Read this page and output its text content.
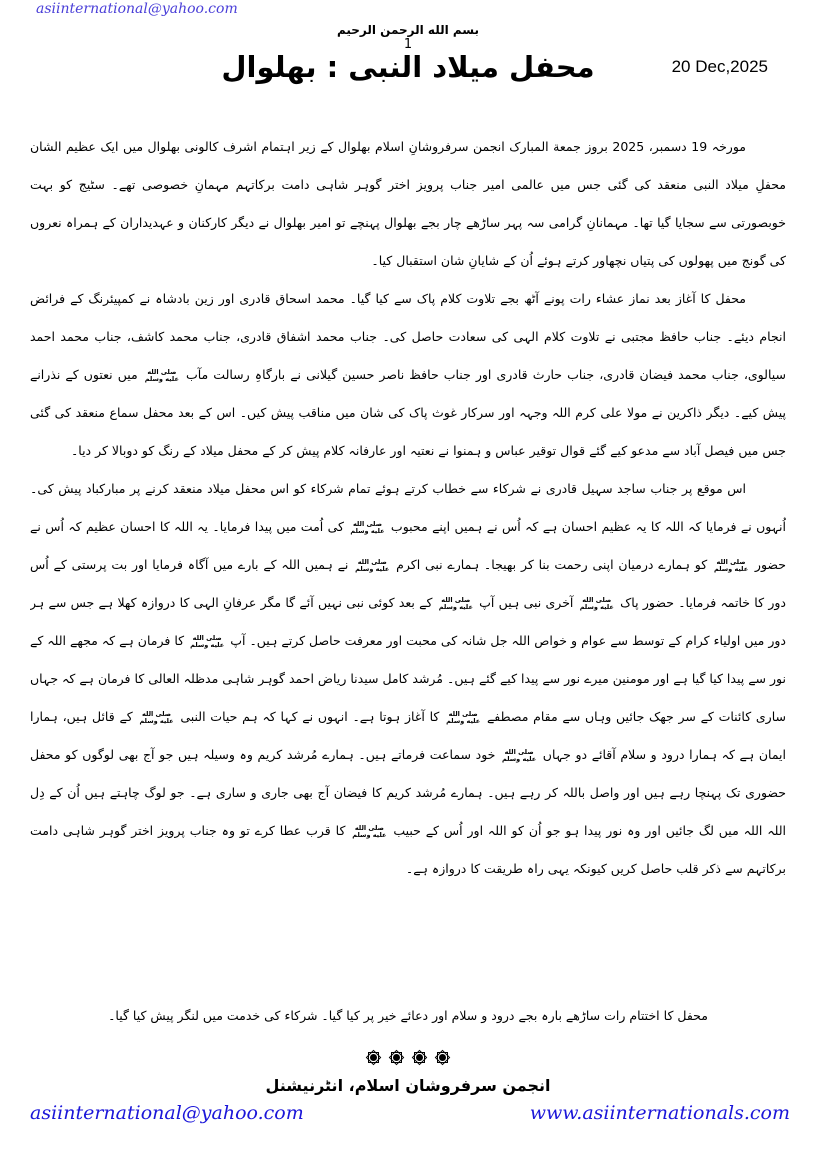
asiinternational@yahoo.com
بسم الله الرحمن الرحيم
1
20 Dec,2025
محفل میلاد النبی : بھلوال

مورخہ 19 دسمبر، 2025 بروز جمعة المبارک انجمن سرفروشانِ اسلام بھلوال کے زیر اہتمام اشرف کالونی بھلوال میں ایک عظیم الشان محفلِ میلاد النبی منعقد کی گئی جس میں عالمی امیر جناب پرویز اختر گوہر شاہی دامت برکاتہم مہمانِ خصوصی تھے۔ سٹیج کو بہت خوبصورتی سے سجایا گیا تھا۔ مہمانانِ گرامی سہ پہر ساڑھے چار بجے بھلوال پہنچے تو امیر بھلوال نے دیگر کارکنان و عہدیداران کے ہمراہ نعروں کی گونج میں پھولوں کی پتیاں نچھاور کرتے ہوئے اُن کے شایانِ شان استقبال کیا۔

محفل کا آغاز بعد نماز عشاء رات پونے آٹھ بجے تلاوت کلام پاک سے کیا گیا۔ محمد اسحاق قادری اور زین بادشاہ نے کمپیئرنگ کے فرائض انجام دیئے۔ جناب حافظ مجتبی نے تلاوت کلام الہی کی سعادت حاصل کی۔ جناب محمد اشفاق قادری، جناب محمد کاشف، جناب محمد احمد سیالوی، جناب محمد فیضان قادری، جناب حارث قادری اور جناب حافظ ناصر حسین گیلانی نے بارگاہِ رسالت مآب
صلى الله
عليه وسلم
میں نعتوں کے نذرانے پیش کیے۔ دیگر ذاکرین نے مولا علی کرم اللہ وجہہ اور سرکار غوث پاک کی شان میں مناقب پیش کیں۔ اس کے بعد محفل سماع منعقد کی گئی جس میں فیصل آباد سے مدعو کیے گئے قوال توقیر عباس و ہمنوا نے نعتیہ اور عارفانہ کلام پیش کر کے محفل میلاد کے رنگ کو دوبالا کر دیا۔

اس موقع پر جناب ساجد سہیل قادری نے شرکاء سے خطاب کرتے ہوئے تمام شرکاء کو اس محفل میلاد منعقد کرنے پر مبارکباد پیش کی۔ اُنہوں نے فرمایا کہ اللہ کا یہ عظیم احسان ہے کہ اُس نے ہمیں اپنے محبوب
صلى الله
عليه وسلم
کی اُمت میں پیدا فرمایا۔ یہ اللہ کا احسان عظیم کہ اُس نے حضور
صلى الله
عليه وسلم
کو ہمارے درمیان اپنی رحمت بنا کر بھیجا۔ ہمارے نبی اکرم
صلى الله
عليه وسلم
نے ہمیں اللہ کے بارے میں آگاہ فرمایا اور بت پرستی کے اُس دور کا خاتمہ فرمایا۔ حضور پاک
صلى الله
عليه وسلم
آخری نبی ہیں آپ
صلى الله
عليه وسلم
کے بعد کوئی نبی نہیں آئے گا مگر عرفانِ الہی کا دروازہ کھلا ہے جس سے ہر دور میں اولیاء کرام کے توسط سے عوام و خواص اللہ جل شانہ کی محبت اور معرفت حاصل کرتے ہیں۔ آپ
صلى الله
عليه وسلم
کا فرمان ہے کہ مجھے اللہ کے نور سے پیدا کیا گیا ہے اور مومنین میرے نور سے پیدا کیے گئے ہیں۔ مُرشد کامل سیدنا ریاض احمد گوہر شاہی مدظلہ العالی کا فرمان ہے کہ جہاں ساری کائنات کے سر جھک جائیں وہاں سے مقام مصطفے
صلى الله
عليه وسلم
کا آغاز ہوتا ہے۔ انہوں نے کہا کہ ہم حیات النبی
صلى الله
عليه وسلم
کے قائل ہیں، ہمارا ایمان ہے کہ ہمارا درود و سلام آقائے دو جہاں
صلى الله
عليه وسلم
خود سماعت فرماتے ہیں۔ ہمارے مُرشد کریم وہ وسیلہ ہیں جو آج بھی لوگوں کو محفل حضوری تک پہنچا رہے ہیں اور واصل باللہ کر رہے ہیں۔ ہمارے مُرشد کریم کا فیضان آج بھی جاری و ساری ہے۔ جو لوگ چاہتے ہیں اُن کے دِل اللہ اللہ میں لگ جائیں اور وہ نور پیدا ہو جو اُن کو اللہ اور اُس کے حبیب
صلى الله
عليه وسلم
کا قرب عطا کرے تو وہ جناب پرویز اختر گوہر شاہی دامت برکاتہم سے ذکر قلب حاصل کریں کیونکہ یہی راہ طریقت کا دروازہ ہے۔

محفل کا اختتام رات ساڑھے بارہ بجے درود و سلام اور دعائے خیر پر کیا گیا۔ شرکاء کی خدمت میں لنگر پیش کیا گیا۔

انجمن سرفروشان اسلام، انٹرنیشنل
asiinternational@yahoo.com	www.asiinternationals.com
